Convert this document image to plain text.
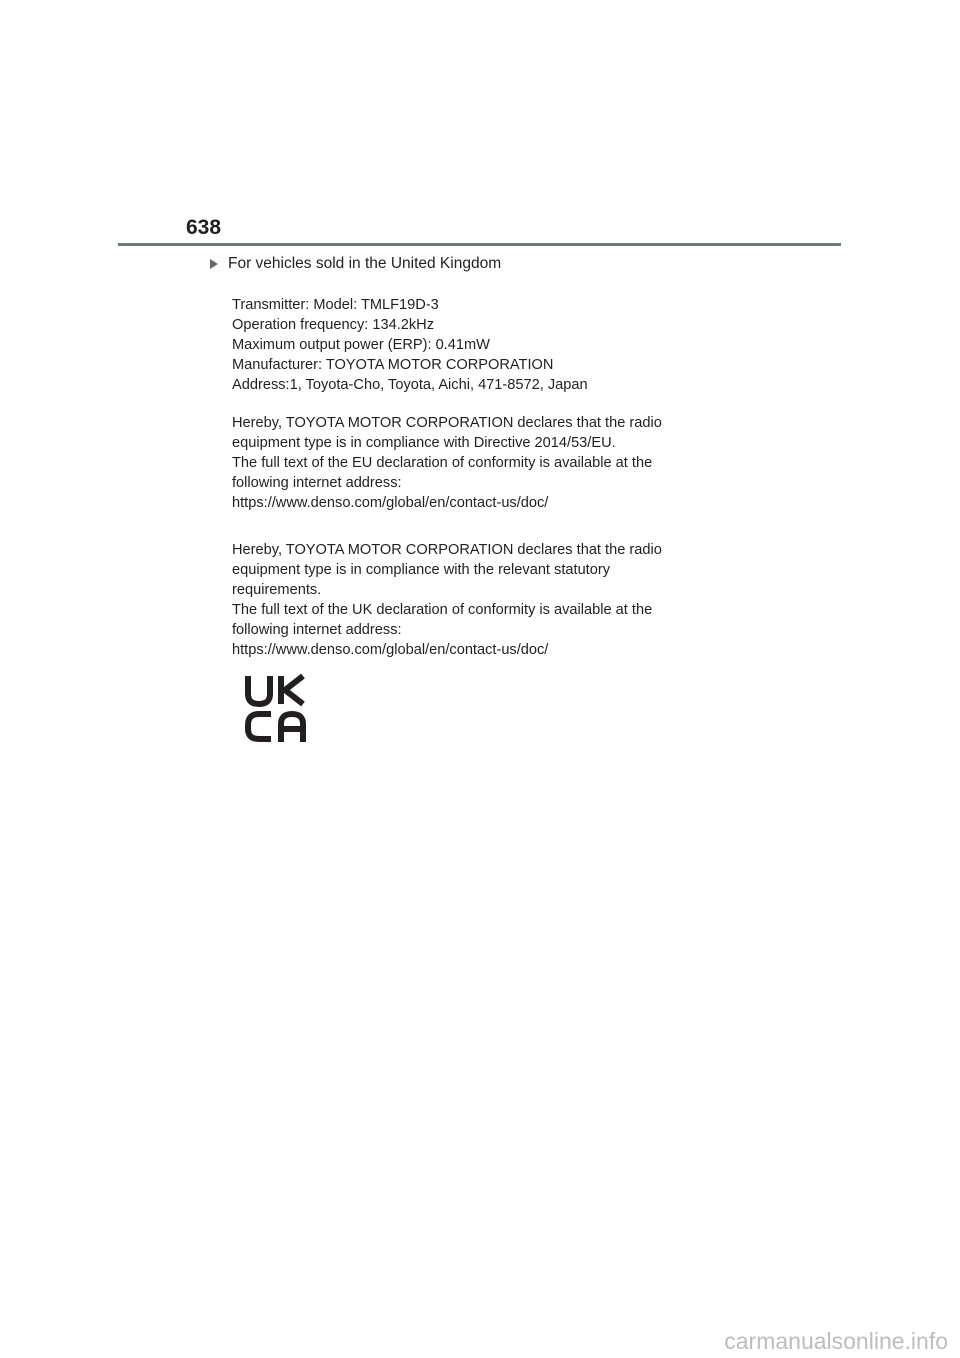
638
For vehicles sold in the United Kingdom
Transmitter: Model: TMLF19D-3
Operation frequency: 134.2kHz
Maximum output power (ERP): 0.41mW
Manufacturer: TOYOTA MOTOR CORPORATION
Address:1, Toyota-Cho, Toyota, Aichi, 471-8572, Japan
Hereby, TOYOTA MOTOR CORPORATION declares that the radio
equipment type is in compliance with Directive 2014/53/EU.
The full text of the EU declaration of conformity is available at the
following internet address:
https://www.denso.com/global/en/contact-us/doc/
Hereby, TOYOTA MOTOR CORPORATION declares that the radio
equipment type is in compliance with the relevant statutory
requirements.
The full text of the UK declaration of conformity is available at the
following internet address:
https://www.denso.com/global/en/contact-us/doc/
carmanualsonline.info
